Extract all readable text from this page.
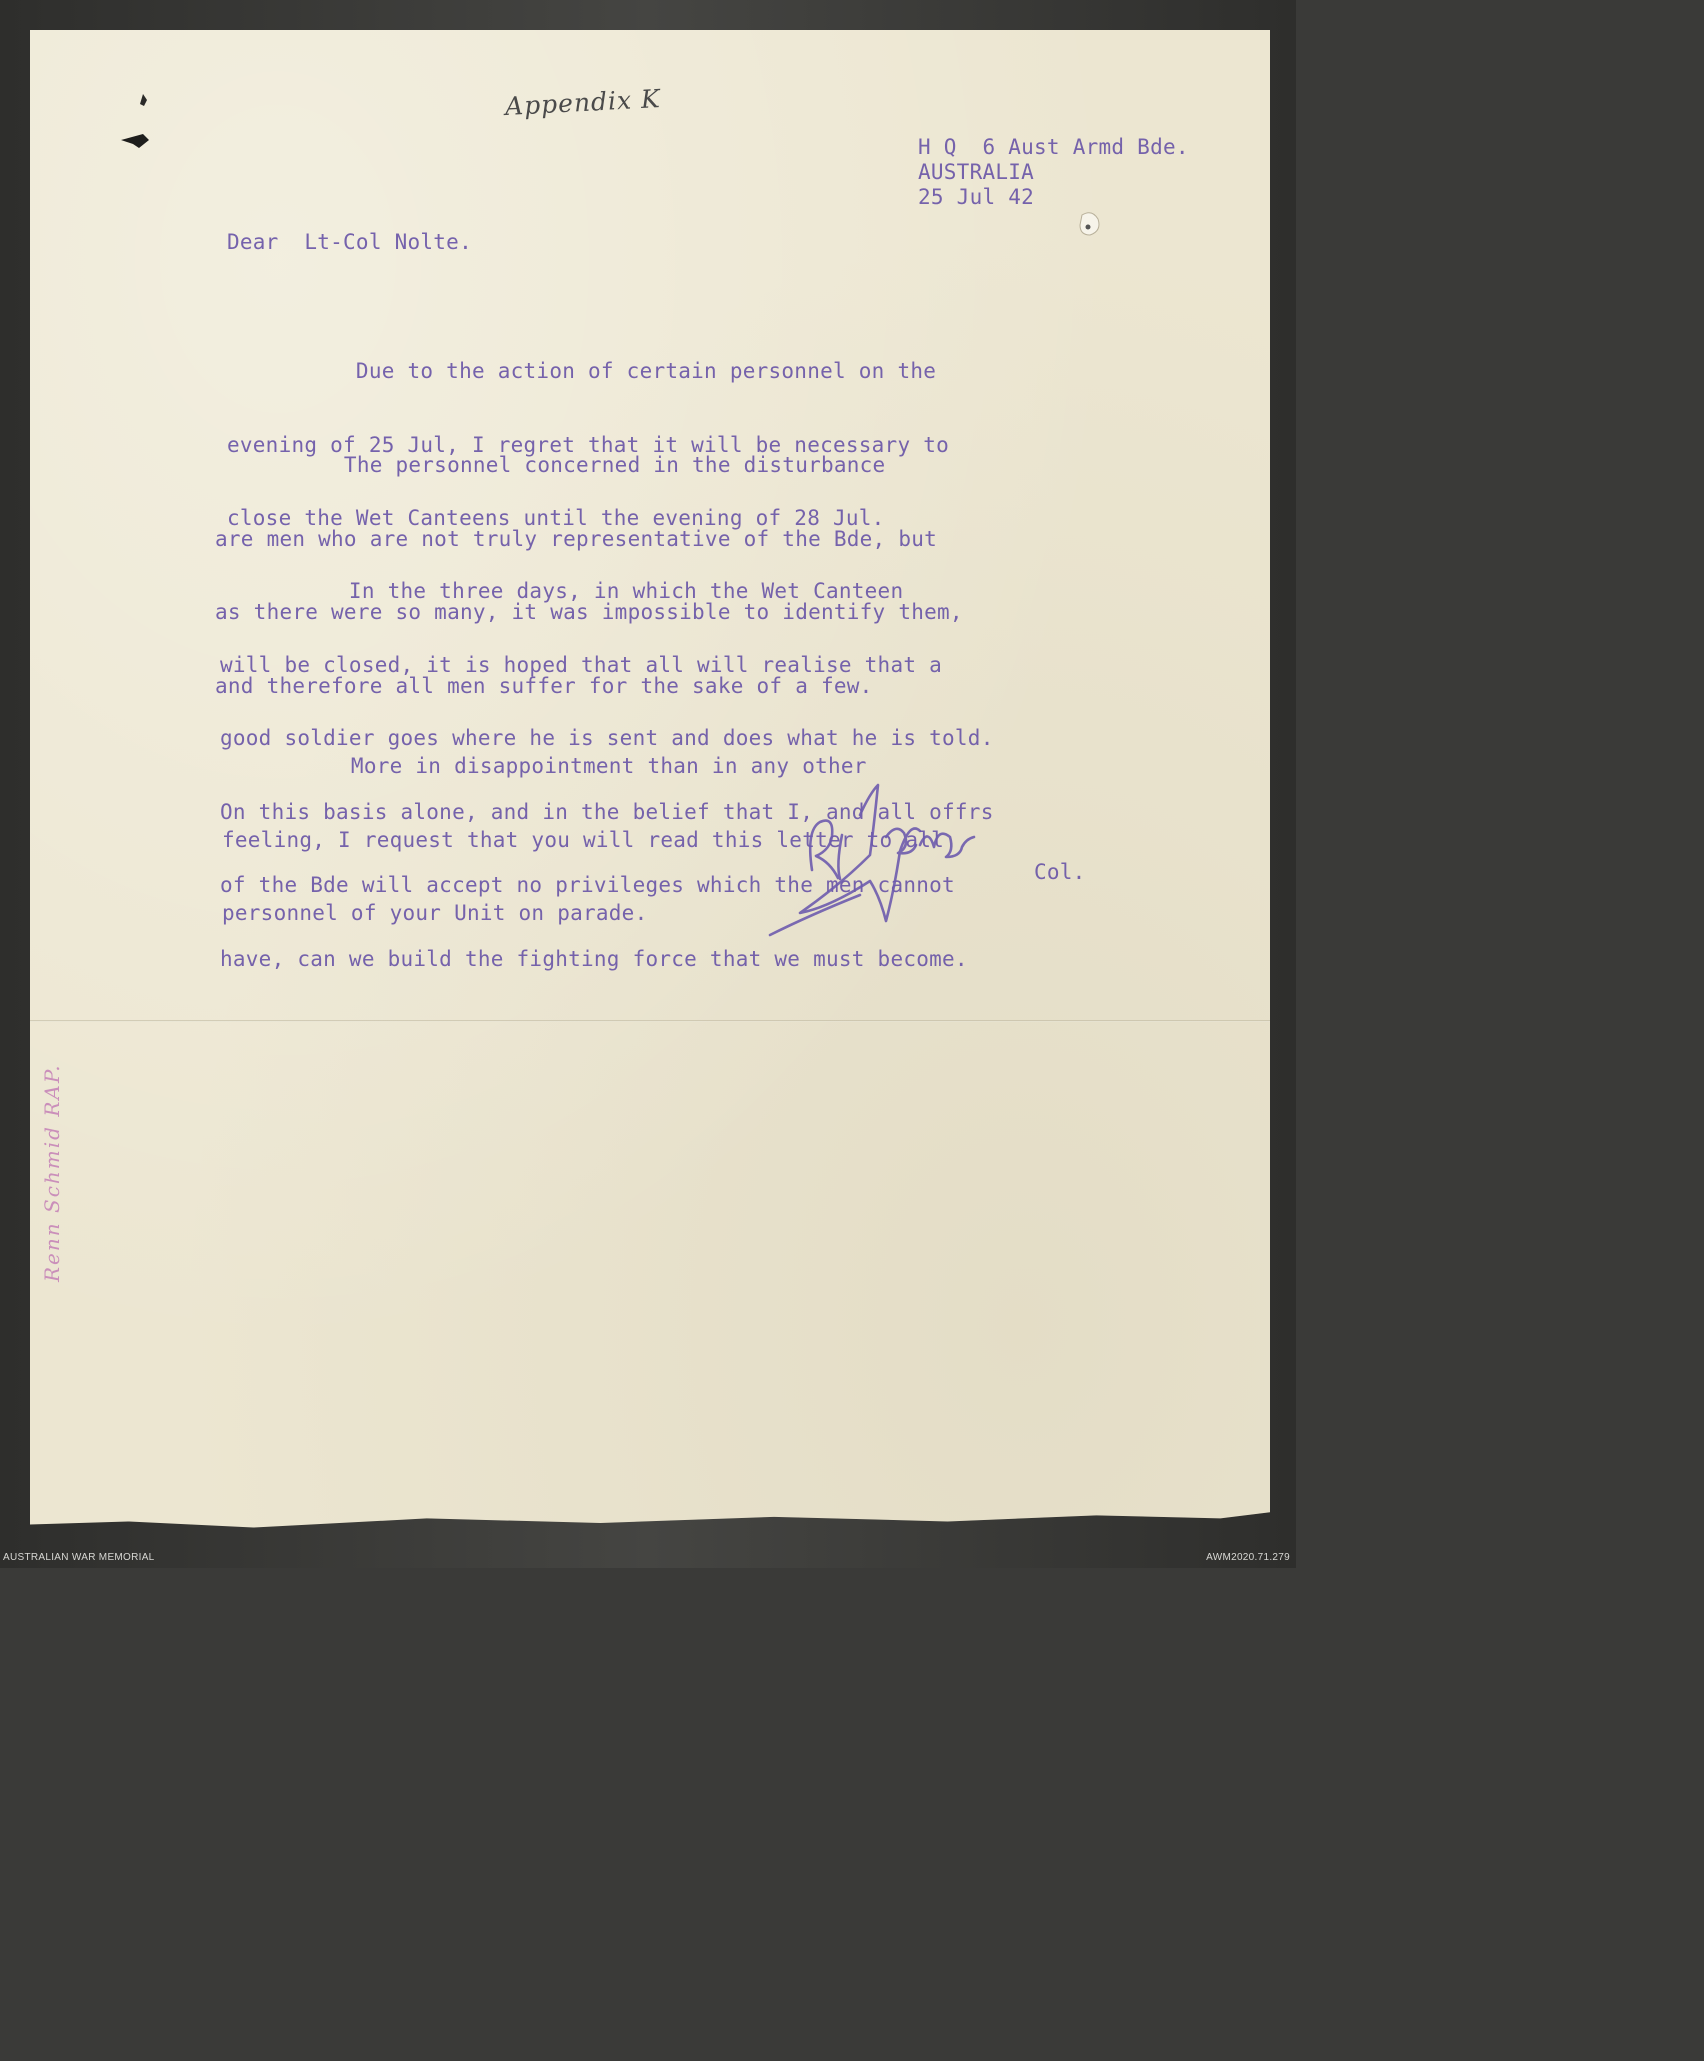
Appendix K
H Q  6 Aust Armd Bde.
AUSTRALIA
25 Jul 42
Dear  Lt-Col Nolte.

Due to the action of certain personnel on the

evening of 25 Jul, I regret that it will be necessary to

close the Wet Canteens until the evening of 28 Jul.

The personnel concerned in the disturbance

are men who are not truly representative of the Bde, but

as there were so many, it was impossible to identify them,

and therefore all men suffer for the sake of a few.

In the three days, in which the Wet Canteen

will be closed, it is hoped that all will realise that a

good soldier goes where he is sent and does what he is told.

On this basis alone, and in the belief that I, and all offrs

of the Bde will accept no privileges which the men cannot

have, can we build the fighting force that we must become.

More in disappointment than in any other

feeling, I request that you will read this letter to all

personnel of your Unit on parade.

Col.
Renn Schmid RAP.
AUSTRALIAN WAR MEMORIAL	AWM2020.71.279
